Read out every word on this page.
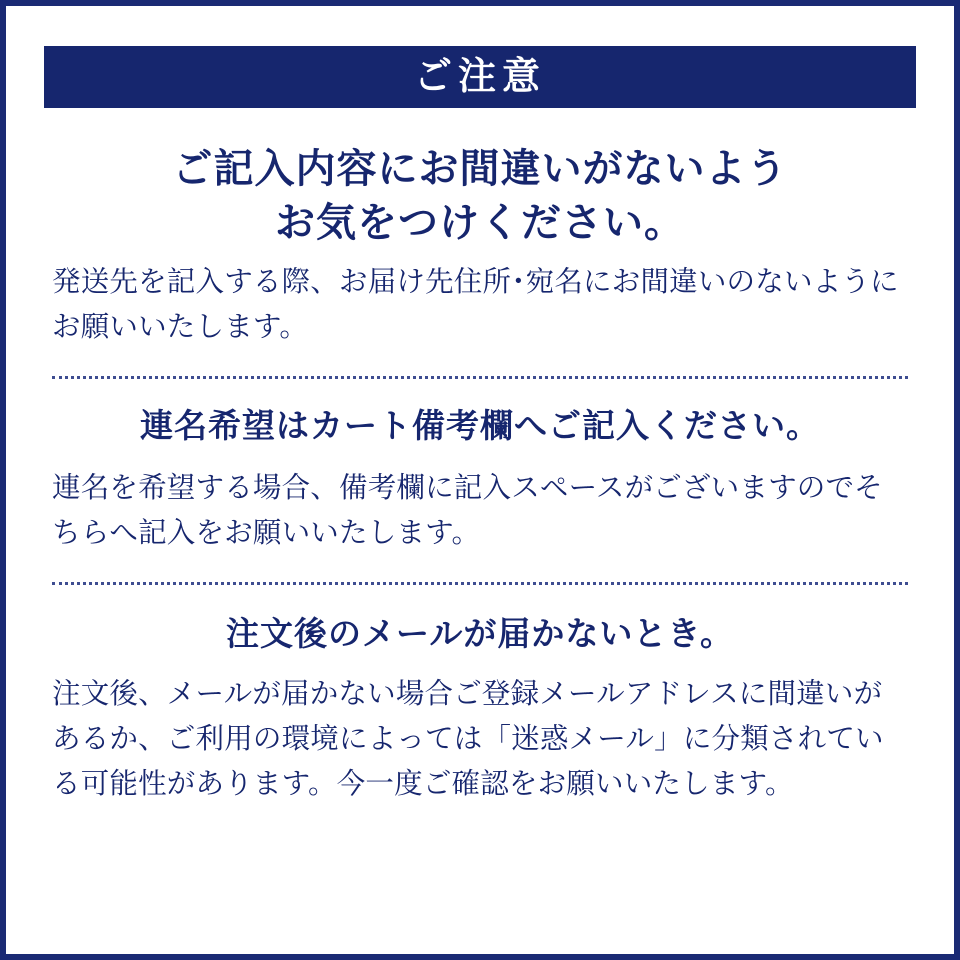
ご注意
ご記入内容にお間違いがないよう
お気をつけください。

発送先を記入する際、お届け先住所･宛名にお間違いのないようにお願いいたします。

連名希望はカート備考欄へご記入ください。

連名を希望する場合、備考欄に記入スペースがございますのでそちらへ記入をお願いいたします。

注文後のメールが届かないとき。

注文後、メールが届かない場合ご登録メールアドレスに間違いがあるか、ご利用の環境によっては「迷惑メール」に分類されている可能性があります。今一度ご確認をお願いいたします。
